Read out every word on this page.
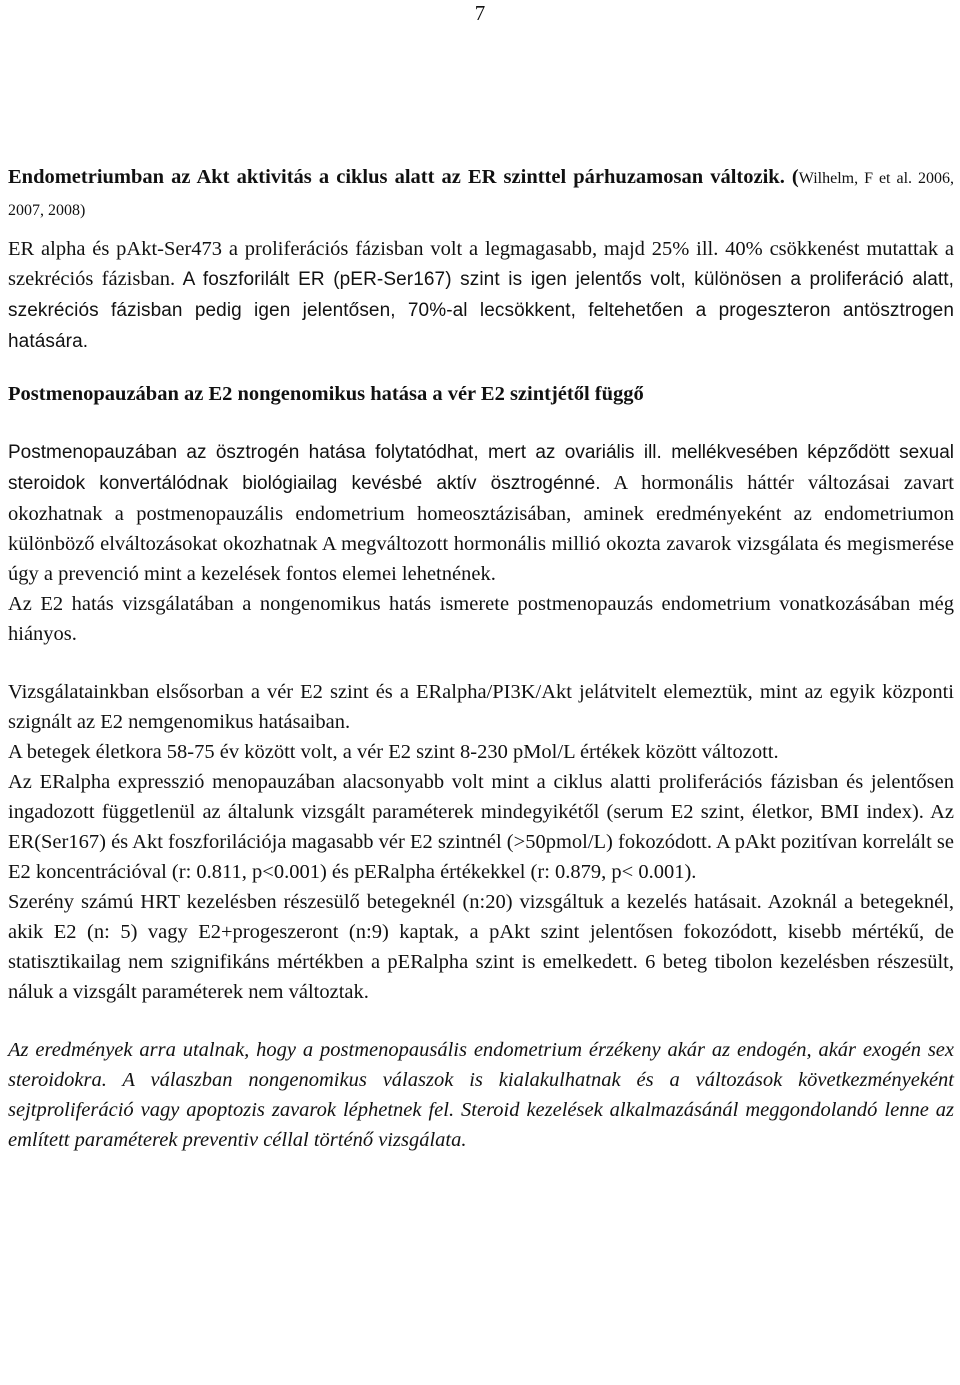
7

Endometriumban az Akt aktivitás a ciklus alatt az ER szinttel párhuzamosan változik. (Wilhelm, F et al. 2006, 2007, 2008)

ER alpha és pAkt-Ser473 a proliferációs fázisban volt a legmagasabb, majd 25% ill. 40% csökkenést mutattak a szekréciós fázisban. A foszforilált ER (pER-Ser167) szint is igen jelentős volt, különösen a proliferáció alatt, szekréciós fázisban pedig igen jelentősen, 70%-al lecsökkent, feltehetően a progeszteron antösztrogen hatására.

Postmenopauzában az E2 nongenomikus hatása a vér E2 szintjétől függő

Postmenopauzában az ösztrogén hatása folytatódhat, mert az ovariális ill. mellékvesében képződött sexual steroidok konvertálódnak biológiailag kevésbé aktív ösztrogénné. A hormonális háttér változásai zavart okozhatnak a postmenopauzális endometrium homeosztázisában, aminek eredményeként az endometriumon különböző elváltozásokat okozhatnak A megváltozott hormonális millió okozta zavarok vizsgálata és megismerése úgy a prevenció mint a kezelések fontos elemei lehetnének.

Az E2 hatás vizsgálatában a nongenomikus hatás ismerete postmenopauzás endometrium vonatkozásában még hiányos.

Vizsgálatainkban elsősorban a vér E2 szint és a ERalpha/PI3K/Akt jelátvitelt elemeztük, mint az egyik központi szignált az E2 nemgenomikus hatásaiban.

A betegek életkora 58-75 év között volt, a vér E2 szint 8-230 pMol/L értékek között változott.

Az ERalpha expresszió menopauzában alacsonyabb volt mint a ciklus alatti proliferációs fázisban és jelentősen ingadozott függetlenül az általunk vizsgált paraméterek mindegyikétől (serum E2 szint, életkor, BMI index). Az ER(Ser167) és Akt foszforilációja magasabb vér E2 szintnél (>50pmol/L) fokozódott. A pAkt pozitívan korrelált se E2 koncentrációval (r: 0.811, p<0.001) és pERalpha értékekkel (r: 0.879, p< 0.001).

Szerény számú HRT kezelésben részesülő betegeknél (n:20) vizsgáltuk a kezelés hatásait. Azoknál a betegeknél, akik E2 (n: 5) vagy E2+progeszeront (n:9) kaptak, a pAkt szint jelentősen fokozódott, kisebb mértékű, de statisztikailag nem szignifikáns mértékben a pERalpha szint is emelkedett. 6 beteg tibolon kezelésben részesült, náluk a vizsgált paraméterek nem változtak.

Az eredmények arra utalnak, hogy a postmenopausális endometrium érzékeny akár az endogén, akár exogén sex steroidokra. A válaszban nongenomikus válaszok is kialakulhatnak és a változások következményeként sejtproliferáció vagy apoptozis zavarok léphetnek fel. Steroid kezelések alkalmazásánál meggondolandó lenne az említett paraméterek preventiv céllal történő vizsgálata.
